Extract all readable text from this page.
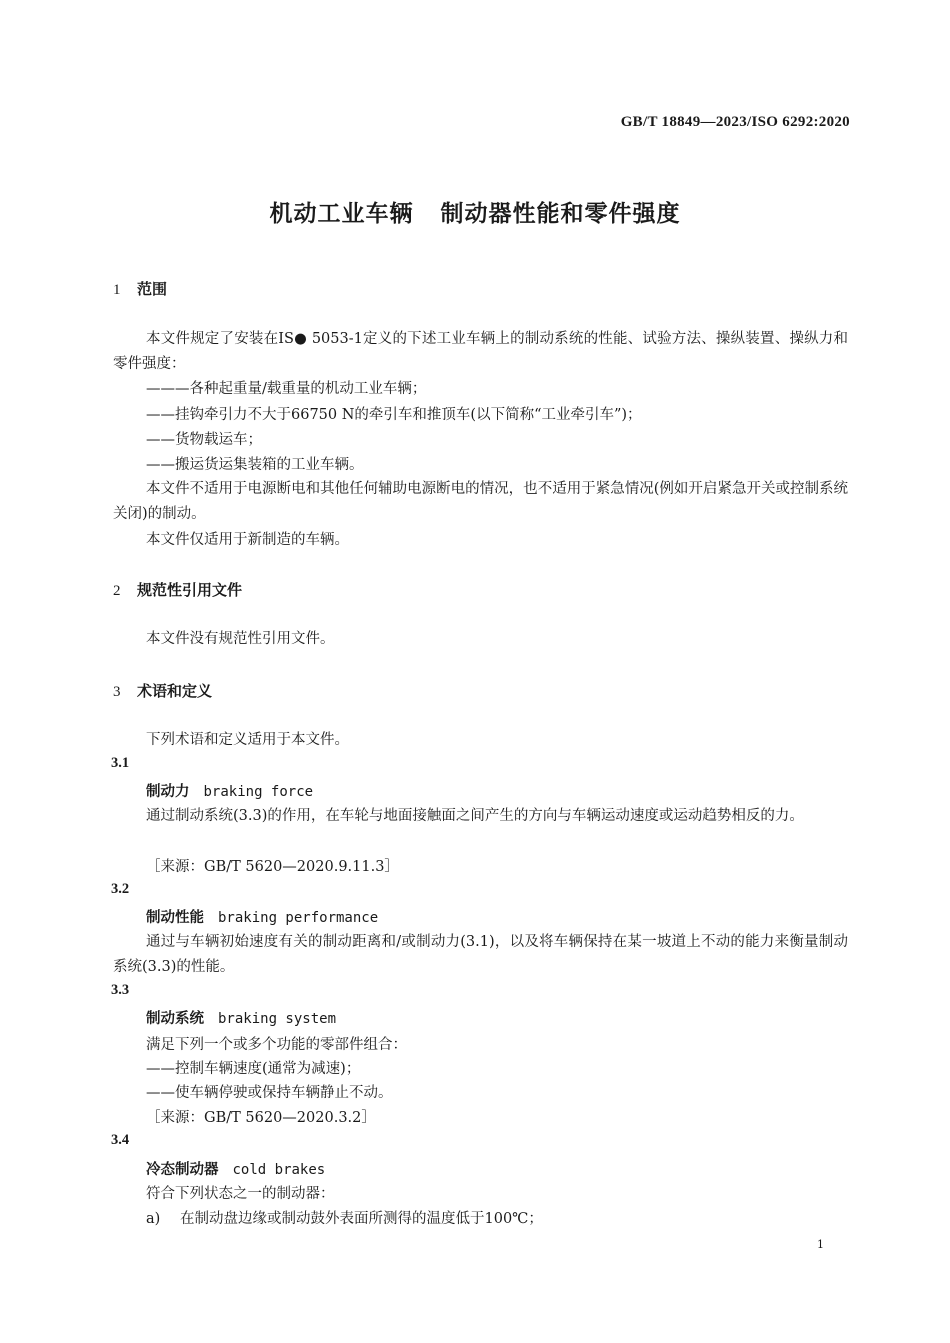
GB/T 18849—2023/ISO 6292:2020
机动工业车辆 制动器性能和零件强度
1 范围
本文件规定了安装在IS● 5053-1定义的下述工业车辆上的制动系统的性能、试验方法、操纵装置、操纵力和零件强度：
———各种起重量/载重量的机动工业车辆；
——挂钩牵引力不大于66750 N的牵引车和推顶车(以下简称“工业牵引车”)；
——货物载运车；
——搬运货运集装箱的工业车辆。
本文件不适用于电源断电和其他任何辅助电源断电的情况，也不适用于紧急情况(例如开启紧急开关或控制系统关闭)的制动。
本文件仅适用于新制造的车辆。
2 规范性引用文件
本文件没有规范性引用文件。
3 术语和定义
下列术语和定义适用于本文件。
3.1
制动力 braking force
通过制动系统(3.3)的作用，在车轮与地面接触面之间产生的方向与车辆运动速度或运动趋势相反的力。
［来源：GB/T 5620—2020.9.11.3］
3.2
制动性能 braking performance
通过与车辆初始速度有关的制动距离和/或制动力(3.1)，以及将车辆保持在某一坡道上不动的能力来衡量制动系统(3.3)的性能。
3.3
制动系统 braking system
满足下列一个或多个功能的零部件组合：
——控制车辆速度(通常为减速)；
——使车辆停驶或保持车辆静止不动。
［来源：GB/T 5620—2020.3.2］
3.4
冷态制动器 cold brakes
符合下列状态之一的制动器：
a) 在制动盘边缘或制动鼓外表面所测得的温度低于100℃；
1
